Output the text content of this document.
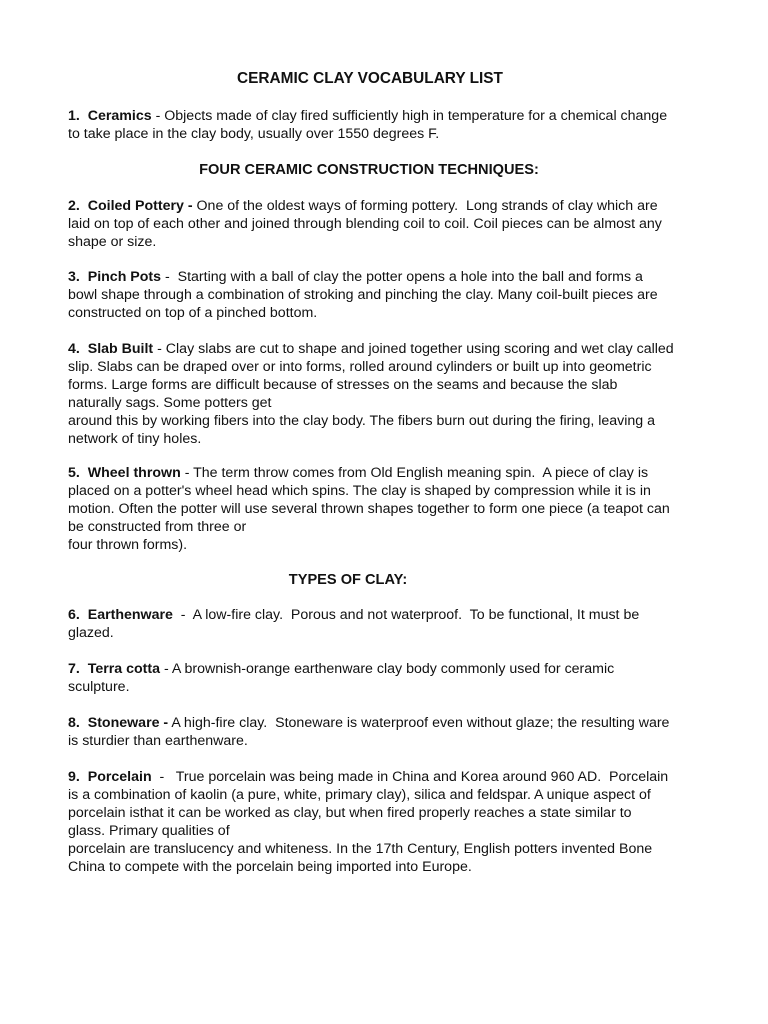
CERAMIC CLAY VOCABULARY LIST
1. Ceramics - Objects made of clay fired sufficiently high in temperature for a chemical change
to take place in the clay body, usually over 1550 degrees F.
FOUR CERAMIC CONSTRUCTION TECHNIQUES:
2. Coiled Pottery - One of the oldest ways of forming pottery.  Long strands of clay which are
laid on top of each other and joined through blending coil to coil. Coil pieces can be almost any
shape or size.
3. Pinch Pots -  Starting with a ball of clay the potter opens a hole into the ball and forms a
bowl shape through a combination of stroking and pinching the clay. Many coil-built pieces are
constructed on top of a pinched bottom.
4. Slab Built - Clay slabs are cut to shape and joined together using scoring and wet clay called
slip. Slabs can be draped over or into forms, rolled around cylinders or built up into geometric
forms. Large forms are difficult because of stresses on the seams and because the slab
naturally sags. Some potters get
around this by working fibers into the clay body. The fibers burn out during the firing, leaving a
network of tiny holes.
5. Wheel thrown - The term throw comes from Old English meaning spin.  A piece of clay is
placed on a potter's wheel head which spins. The clay is shaped by compression while it is in
motion. Often the potter will use several thrown shapes together to form one piece (a teapot can
be constructed from three or
four thrown forms).
TYPES OF CLAY:
6. Earthenware  -  A low-fire clay.  Porous and not waterproof.  To be functional, It must be
glazed.
7. Terra cotta - A brownish-orange earthenware clay body commonly used for ceramic
sculpture.
8. Stoneware - A high-fire clay.  Stoneware is waterproof even without glaze; the resulting ware
is sturdier than earthenware.
9. Porcelain  -   True porcelain was being made in China and Korea around 960 AD.  Porcelain
is a combination of kaolin (a pure, white, primary clay), silica and feldspar. A unique aspect of
porcelain isthat it can be worked as clay, but when fired properly reaches a state similar to
glass. Primary qualities of
porcelain are translucency and whiteness. In the 17th Century, English potters invented Bone
China to compete with the porcelain being imported into Europe.
